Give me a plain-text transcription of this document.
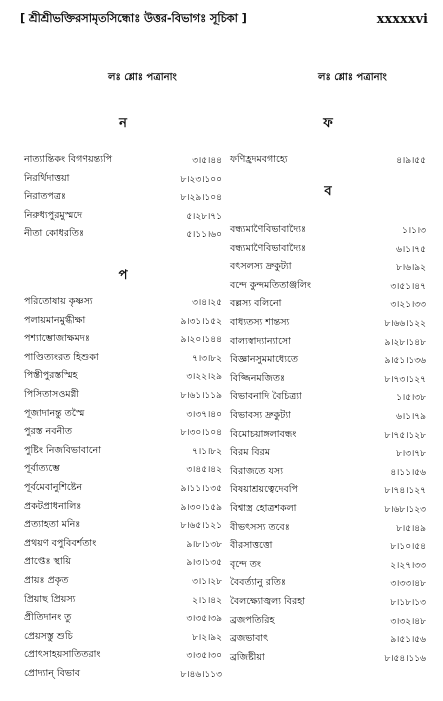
[ শ্রীশ্রীভক্তিরসামৃতসিন্ধোঃ উত্তর-বিভাগঃ সূচিকা ]	xxxxxvi
লঃ শ্লোঃ পত্রানাং	লঃ শ্লোঃ পত্রানাং
ন
নাত্যান্তিকং বিগণয়ন্ত্যপি	৩।৫।৪৪
নিরর্থিদাত্তয়া	৮।২৩।১০০
নিরাতপত্রঃ	৮।২৯।১০৪
নিরুধ্যপুরমুস্মদে	৫।২৮।৭১
নীতা কোধরতিঃ	৫।১১।৬০
প
পরিতোষায় কৃষ্ণস্য	৩।৪।২৫
পলায়মানমুগ্ধীক্ষা	৯।৩১।১৫২
পশ্যাম্ভোজাক্ষমদঃ	৯।২০।১৪৪
পাণ্ডিত্যংরত হিশুকা	৭।৩।৮২
পিস্তীপুরস্তস্মিহ	৩।২২।২৯
পিসিতাসওমগ্নী	৮।৬১।১১৯
পূজাদানন্তু তস্মৈ	৩।৩৭।৪০
পুরস্ত নবনীত	৮।৩০।১০৪
পুষ্টিং নিজবিভাবানো	৭।১।৮২
পূর্বাত্যম্ভে	৩।৪৫।৪২
পূর্বমেবানুশিষ্টেন	৯।১১।১৩৫
প্রকটপ্রাধনালিঃ	৯।৩০।১৫৯
প্রত্যাহতা মনিঃ	৮।৬৫।১২১
প্রথয়ণ বপুবিবর্শতাং	৯।৮।১৩৮
প্রাপ্তেঃ স্থায়ি	৯।৩।১৩৫
প্রায়ঃ প্রকৃত	৩।১।২৮
প্রিয়াছ প্রিয়স্য	২।১।৪২
প্রীতিদানং তু	৩।৩৫।৩৯
প্রেয়সস্তু শুচি	৮।২।৯২
প্রোৎসাহয়সাতিতরাং	৩।৩৫।৩০
প্রোদ্যান্ বিভাব	৮।৪৬।১১৩
ফ
ফণিহ্রদমবগাহ্যে	৪।৯।৫৫
ব
বন্ধ্যমাণৈবিভাবাদ্যৈঃ	১।১।৩
বন্ধ্যমাণৈবিভাবাদ্যৈঃ	৬।১।৭৫
বৎসলস্য দ্রুকুট্যা	৮।৬।৯২
বন্দে কুন্দমতিতাঞ্জলিং	৩।৫১।৪৭
বল্লস্য বলিনো	৩।২১।৩৩
বাধ্যতস্য শান্তস্য	৮।৬৬।১২২
বাল্যস্বাদ্যান্যাসো	৯।২৮।১৪৮
বিজ্ঞানসুমমাধ্যেতে	৯।৫১।১৩৬
বিজ্জিনমজিতঃ	৮।৭৩।১২৭
বিভাবনাদি বৈচিত্র্যা	১।৫।৩৮
বিভাবস্য দ্রুকুট্যা	৬।১।৭৯
বিমোচয়াঙ্গলাবন্ধং	৮।৭৫।১২৮
বিরম বিরম	৮।৩।৭৮
বিরাজতে যস্য	৪।১১।৫৬
বিষয়াশ্রয়ত্বেদেবপি	৮।৭৪।১২৭
বিশ্বাস্ত্র হোত্রশকলা	৮।৬৮।১২৩
বীভৎসস্য তবেঃ	৮।৫।৪৯
বীরসাত্তত্তো	৮।১০।৫৪
বৃন্দে তং	২।২৭।৩৩
বৈবর্ত্যানু রতিঃ	৩।৩৩।৪৮
বৈলক্ষ্যোজ্বল্য বিরহা	৮।১৮।১৩
ব্রজপতিরিহ	৩।৩২।৪৮
ব্রজভাবাৎ	৯।৫১।৫৬
ব্রজিষ্টীয়া	৮।৫৪।১১৬
